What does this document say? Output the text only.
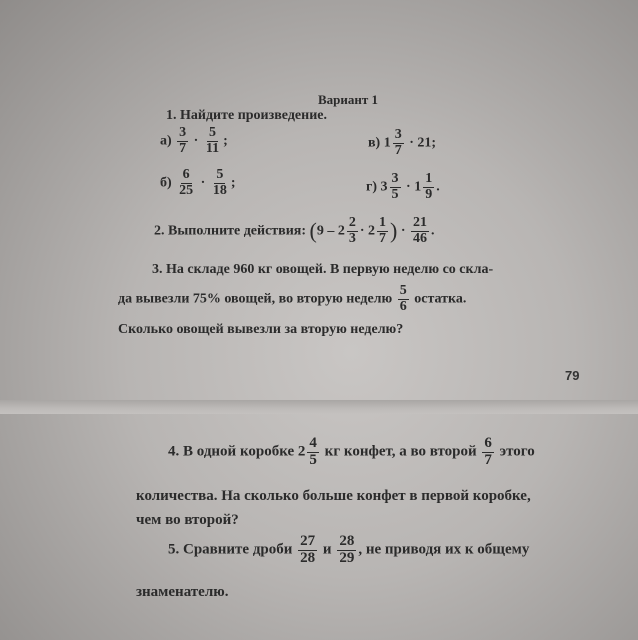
Вариант 1
1. Найдите произведение.
$а) \frac{3}{7} \cdot \frac{5}{11}$ ;	в) $1 \frac{3}{7} \cdot 21$;
$б) \frac{6}{25} \cdot \frac{5}{18}$ ;	г) $3 \frac{3}{5} \cdot 1 \frac{1}{9}$ .
2. Выполните действия: ($9 - 2 \frac{2}{3} \cdot 2 \frac{1}{7}$ ) · $\frac{21}{46}$ .
3. На складе 960 кг овощей. В первую неделю со скла-
да вывезли 75% овощей, во вторую неделю $\frac{5}{6}$ остатка.
Сколько овощей вывезли за вторую неделю?
79
4. В одной коробке $2 \frac{4}{5}$ кг конфет, а во второй $\frac{6}{7}$ этого
количества. На сколько больше конфет в первой коробке,
чем во второй?
5. Сравните дроби $\frac{27}{28}$ и $\frac{28}{29}$ , не приводя их к общему
знаменателю.
